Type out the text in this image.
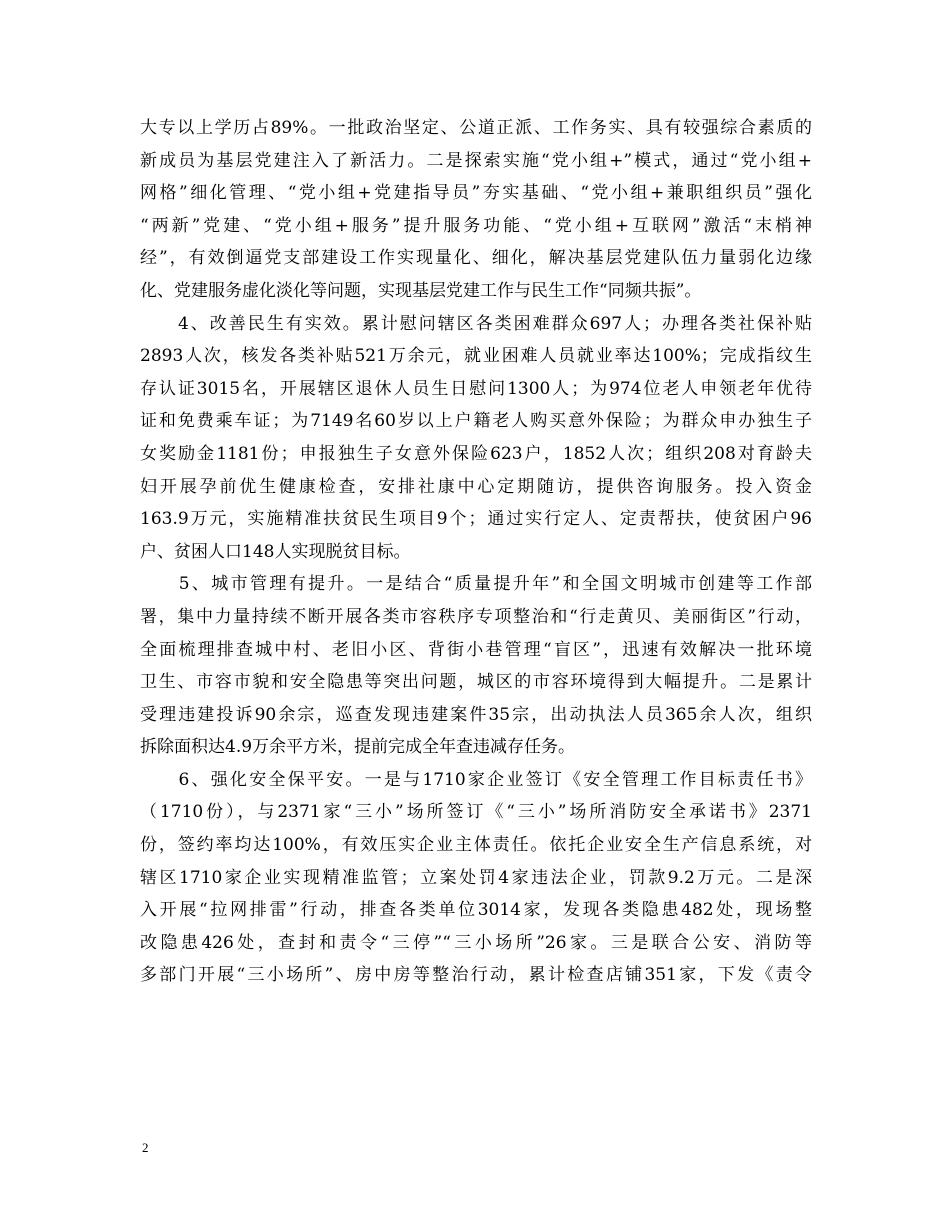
大专以上学历占89%。一批政治坚定、公道正派、工作务实、具有较强综合素质的
新成员为基层党建注入了新活力。二是探索实施“党小组+”模式，通过“党小组+
网格”细化管理、“党小组+党建指导员”夯实基础、“党小组+兼职组织员”强化
“两新”党建、“党小组+服务”提升服务功能、“党小组+互联网”激活“末梢神
经”，有效倒逼党支部建设工作实现量化、细化，解决基层党建队伍力量弱化边缘
化、党建服务虚化淡化等问题，实现基层党建工作与民生工作“同频共振”。
　　4、改善民生有实效。累计慰问辖区各类困难群众697人；办理各类社保补贴
2893人次，核发各类补贴521万余元，就业困难人员就业率达100%；完成指纹生
存认证3015名，开展辖区退休人员生日慰问1300人；为974位老人申领老年优待
证和免费乘车证；为7149名60岁以上户籍老人购买意外保险；为群众申办独生子
女奖励金1181份；申报独生子女意外保险623户，1852人次；组织208对育龄夫
妇开展孕前优生健康检查，安排社康中心定期随访，提供咨询服务。投入资金
163.9万元，实施精准扶贫民生项目9个；通过实行定人、定责帮扶，使贫困户96
户、贫困人口148人实现脱贫目标。
　　5、城市管理有提升。一是结合“质量提升年”和全国文明城市创建等工作部
署，集中力量持续不断开展各类市容秩序专项整治和“行走黄贝、美丽街区”行动，
全面梳理排查城中村、老旧小区、背街小巷管理“盲区”，迅速有效解决一批环境
卫生、市容市貌和安全隐患等突出问题，城区的市容环境得到大幅提升。二是累计
受理违建投诉90余宗，巡查发现违建案件35宗，出动执法人员365余人次，组织
拆除面积达4.9万余平方米，提前完成全年查违减存任务。
　　6、强化安全保平安。一是与1710家企业签订《安全管理工作目标责任书》
（1710份），与2371家“三小”场所签订《“三小”场所消防安全承诺书》2371
份，签约率均达100%，有效压实企业主体责任。依托企业安全生产信息系统，对
辖区1710家企业实现精准监管；立案处罚4家违法企业，罚款9.2万元。二是深
入开展“拉网排雷”行动，排查各类单位3014家，发现各类隐患482处，现场整
改隐患426处，查封和责令“三停”“三小场所”26家。三是联合公安、消防等
多部门开展“三小场所”、房中房等整治行动，累计检查店铺351家，下发《责令
2
